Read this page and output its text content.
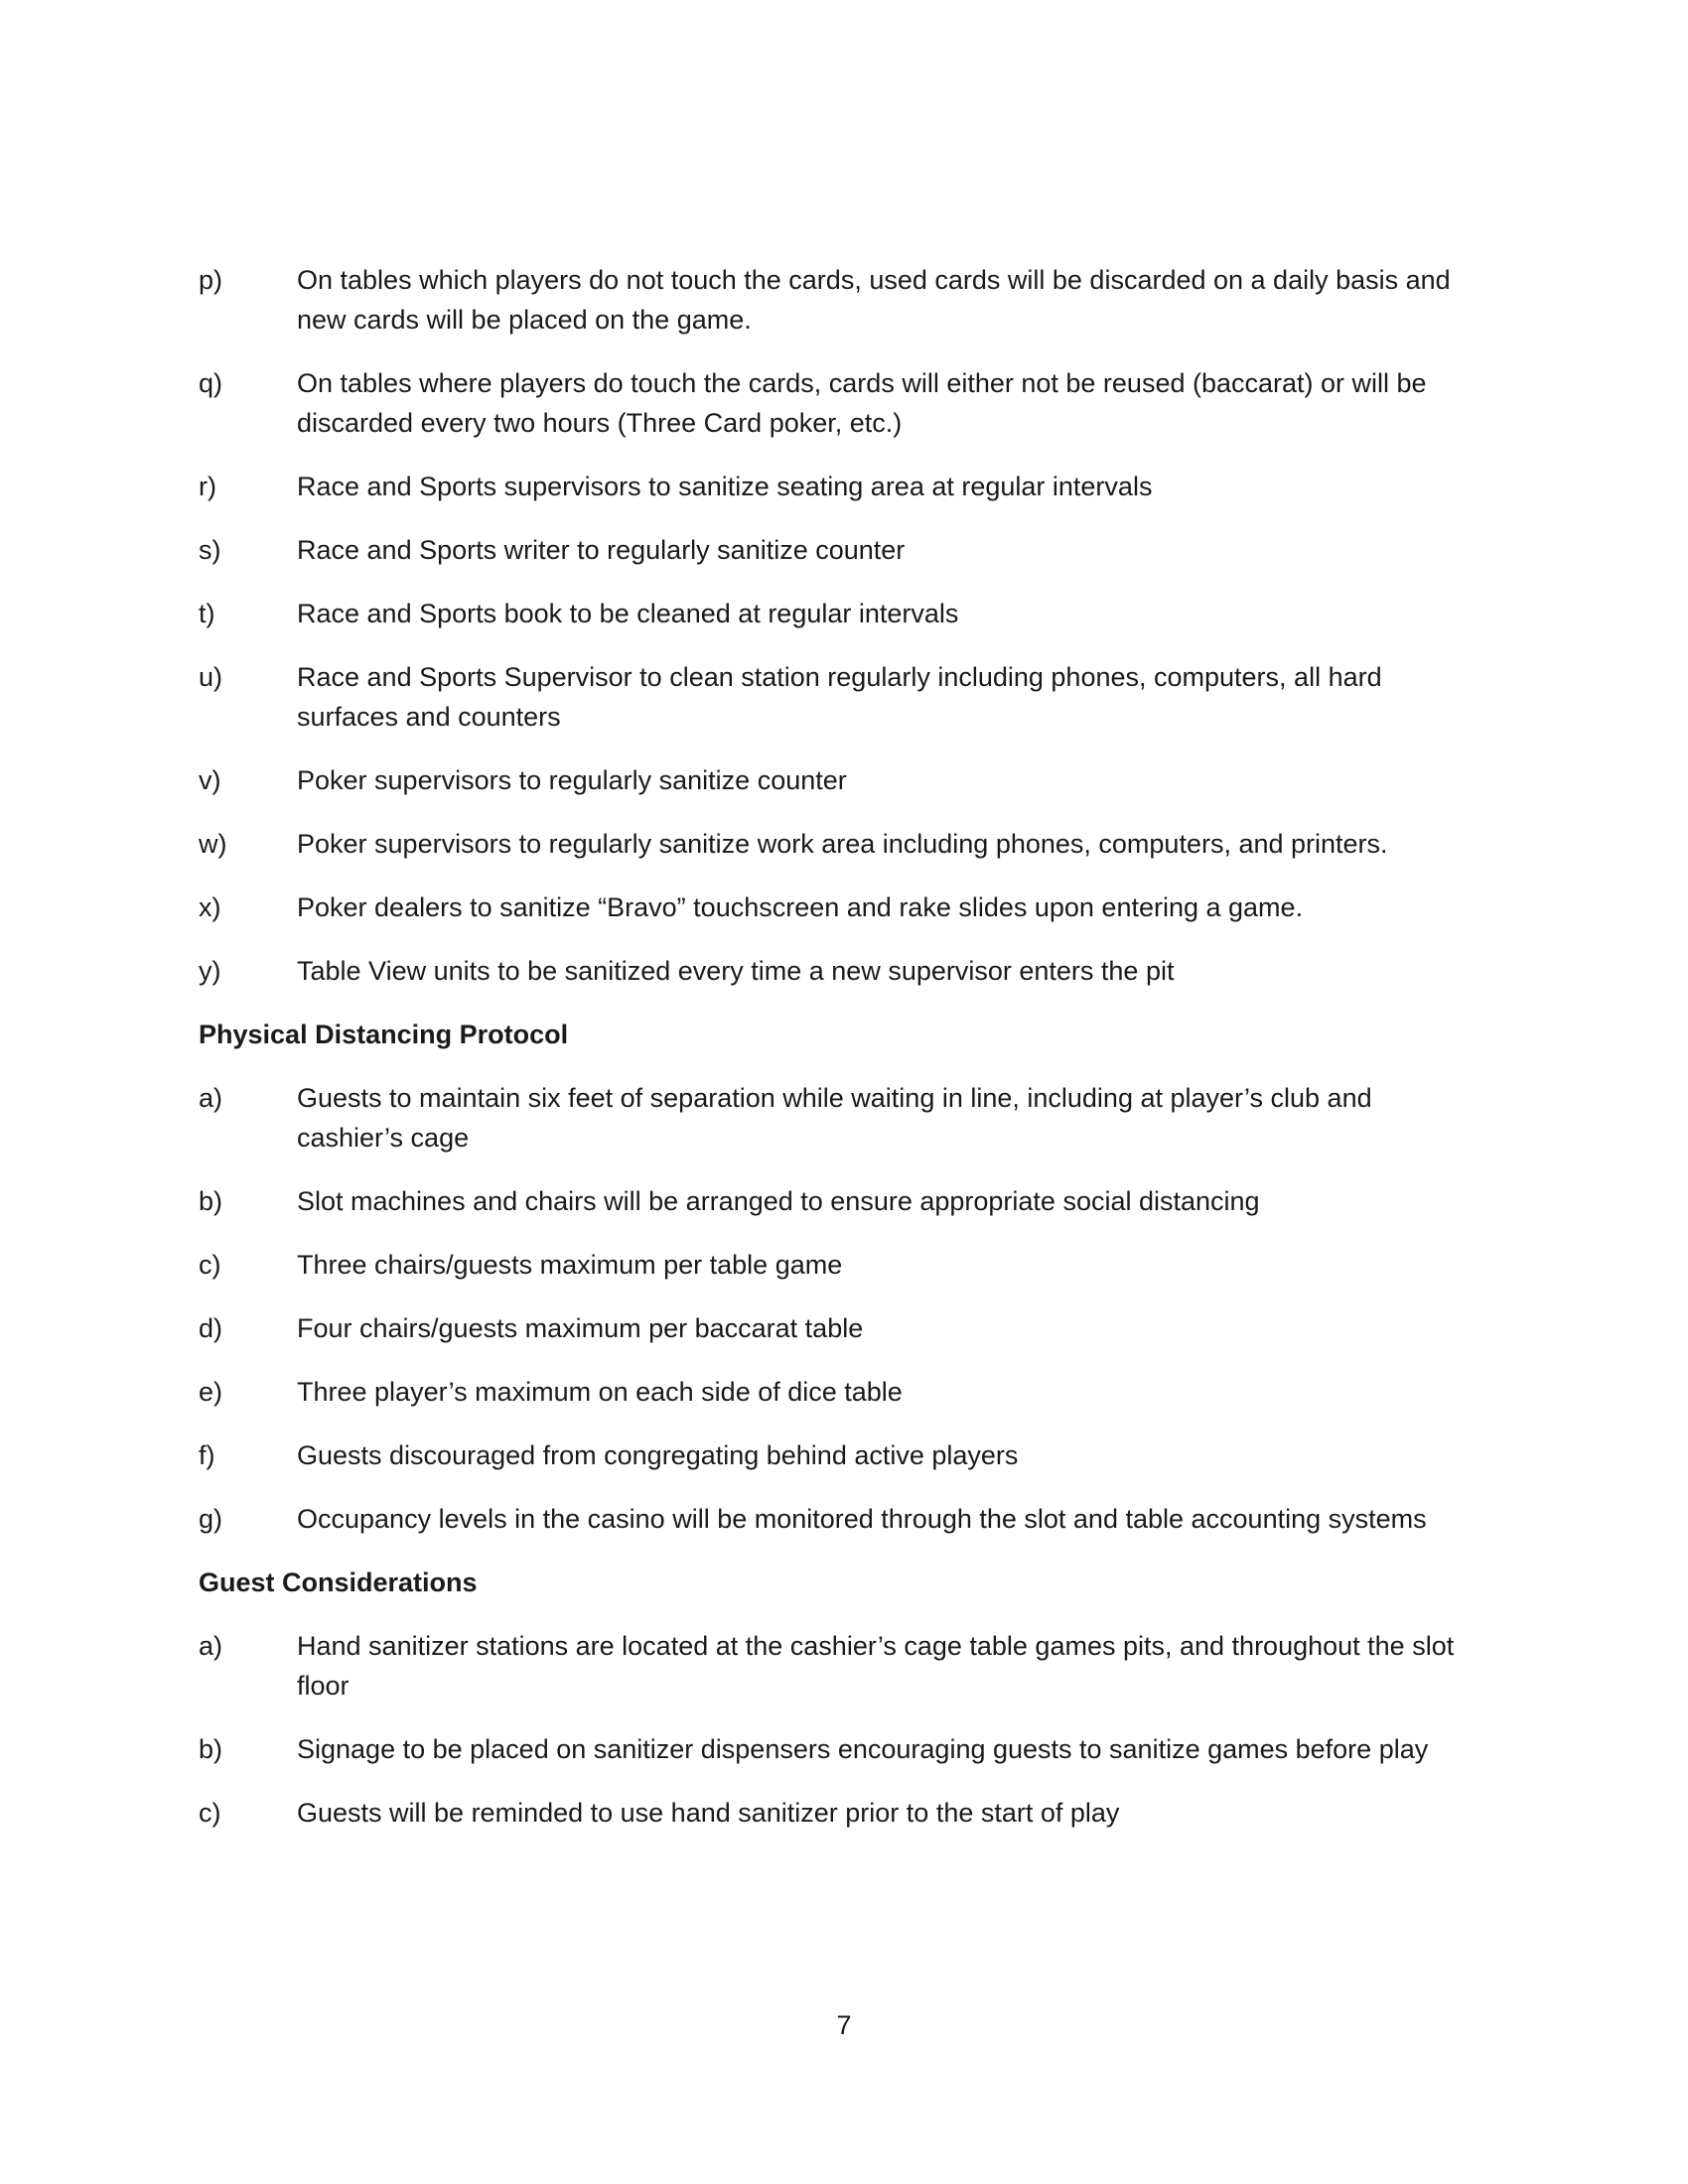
p)	On tables which players do not touch the cards, used cards will be discarded on a daily basis and new cards will be placed on the game.
q)	On tables where players do touch the cards, cards will either not be reused (baccarat) or will be discarded every two hours (Three Card poker, etc.)
r)	Race and Sports supervisors to sanitize seating area at regular intervals
s)	Race and Sports writer to regularly sanitize counter
t)	Race and Sports book to be cleaned at regular intervals
u)	Race and Sports Supervisor to clean station regularly including phones, computers, all hard surfaces and counters
v)	Poker supervisors to regularly sanitize counter
w)	Poker supervisors to regularly sanitize work area including phones, computers, and printers.
x)	Poker dealers to sanitize “Bravo” touchscreen and rake slides upon entering a game.
y)	Table View units to be sanitized every time a new supervisor enters the pit
Physical Distancing Protocol
a)	Guests to maintain six feet of separation while waiting in line, including at player’s club and cashier’s cage
b)	Slot machines and chairs will be arranged to ensure appropriate social distancing
c)	Three chairs/guests maximum per table game
d)	Four chairs/guests maximum per baccarat table
e)	Three player’s maximum on each side of dice table
f)	Guests discouraged from congregating behind active players
g)	Occupancy levels in the casino will be monitored through the slot and table accounting systems
Guest Considerations
a)	Hand sanitizer stations are located at the cashier’s cage table games pits, and throughout the slot floor
b)	Signage to be placed on sanitizer dispensers encouraging guests to sanitize games before play
c)	Guests will be reminded to use hand sanitizer prior to the start of play
7
